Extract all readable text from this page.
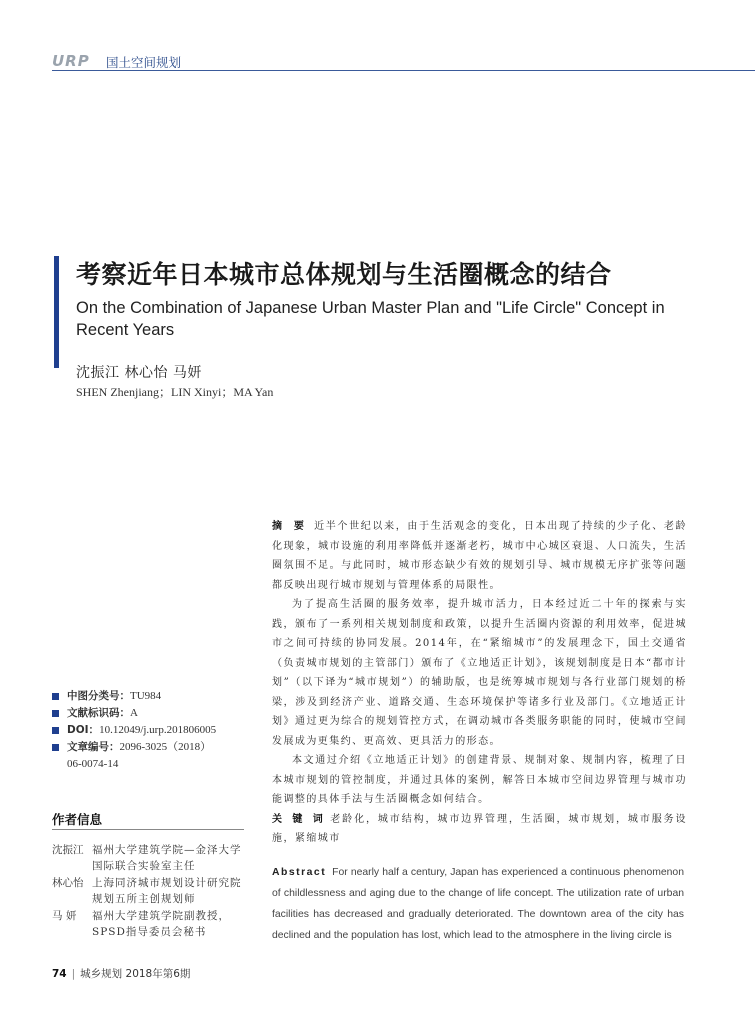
URP 国土空间规划
考察近年日本城市总体规划与生活圈概念的结合
On the Combination of Japanese Urban Master Plan and "Life Circle" Concept in Recent Years
沈振江 林心怡 马妍
SHEN Zhenjiang；LIN Xinyi；MA Yan
中图分类号：TU984
文献标识码：A
DOI：10.12049/j.urp.201806005
文章编号：2096-3025（2018）
06-0074-14
作者信息
沈振江 福州大学建筑学院—金泽大学国际联合实验室主任
林心怡 上海同济城市规划设计研究院规划五所主创规划师
马 妍	福州大学建筑学院副教授，SPSD指导委员会秘书

摘 要 近半个世纪以来，由于生活观念的变化，日本出现了持续的少子化、老龄化现象，城市设施的利用率降低并逐渐老朽，城市中心城区衰退、人口流失，生活圈氛围不足。与此同时，城市形态缺少有效的规划引导、城市规模无序扩张等问题都反映出现行城市规划与管理体系的局限性。

为了提高生活圈的服务效率，提升城市活力，日本经过近二十年的探索与实践，颁布了一系列相关规划制度和政策，以提升生活圈内资源的利用效率，促进城市之间可持续的协同发展。2014年，在“紧缩城市”的发展理念下，国土交通省（负责城市规划的主管部门）颁布了《立地适正计划》，该规划制度是日本“都市计划”（以下译为“城市规划”）的辅助版，也是统筹城市规划与各行业部门规划的桥梁，涉及到经济产业、道路交通、生态环境保护等诸多行业及部门。《立地适正计划》通过更为综合的规划管控方式，在调动城市各类服务职能的同时，使城市空间发展成为更集约、更高效、更具活力的形态。

本文通过介绍《立地适正计划》的创建背景、规制对象、规制内容，梳理了日本城市规划的管控制度，并通过具体的案例，解答日本城市空间边界管理与城市功能调整的具体手法与生活圈概念如何结合。

关 键 词 老龄化，城市结构，城市边界管理，生活圈，城市规划，城市服务设施，紧缩城市

Abstract For nearly half a century, Japan has experienced a continuous phenomenon of childlessness and aging due to the change of life concept. The utilization rate of urban facilities has decreased and gradually deteriorated. The downtown area of the city has declined and the population has lost, which lead to the atmosphere in the living circle is
74 | 城乡规划 2018年第6期
